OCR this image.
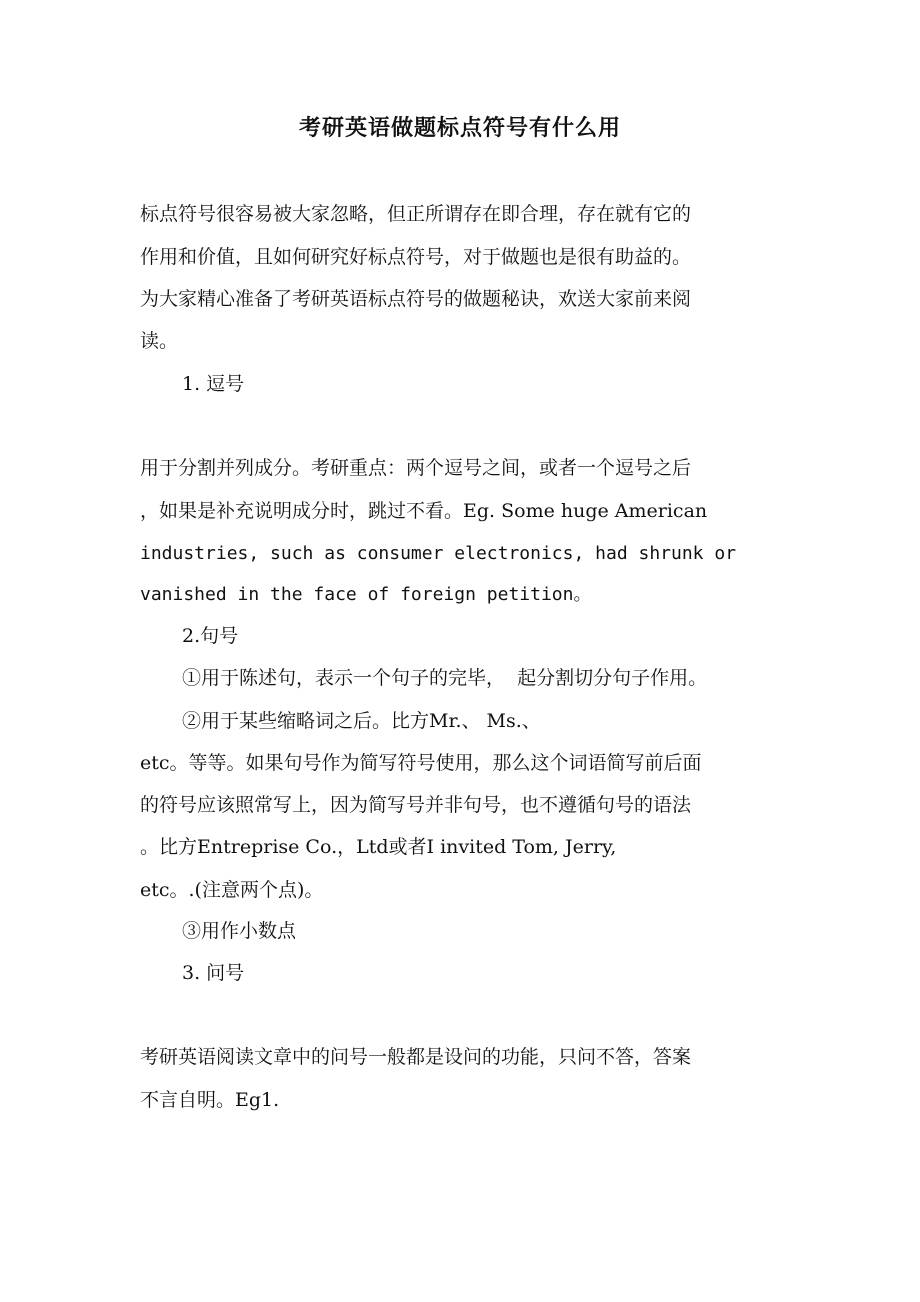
考研英语做题标点符号有什么用
标点符号很容易被大家忽略，但正所谓存在即合理，存在就有它的
作用和价值，且如何研究好标点符号，对于做题也是很有助益的。
为大家精心准备了考研英语标点符号的做题秘诀，欢送大家前来阅
读。
1. 逗号
用于分割并列成分。考研重点：两个逗号之间，或者一个逗号之后
，如果是补充说明成分时，跳过不看。Eg. Some huge American
industries, such as consumer electronics, had shrunk or
vanished in the face of foreign petition。
2.句号
①用于陈述句，表示一个句子的完毕，  起分割切分句子作用。
②用于某些缩略词之后。比方Mr.、 Ms.、
etc。等等。如果句号作为简写符号使用，那么这个词语简写前后面
的符号应该照常写上，因为简写号并非句号，也不遵循句号的语法
。比方Entreprise Co.，Ltd或者I invited Tom, Jerry,
etc。.(注意两个点)。
③用作小数点
3. 问号
考研英语阅读文章中的问号一般都是设问的功能，只问不答，答案
不言自明。Eg1.
